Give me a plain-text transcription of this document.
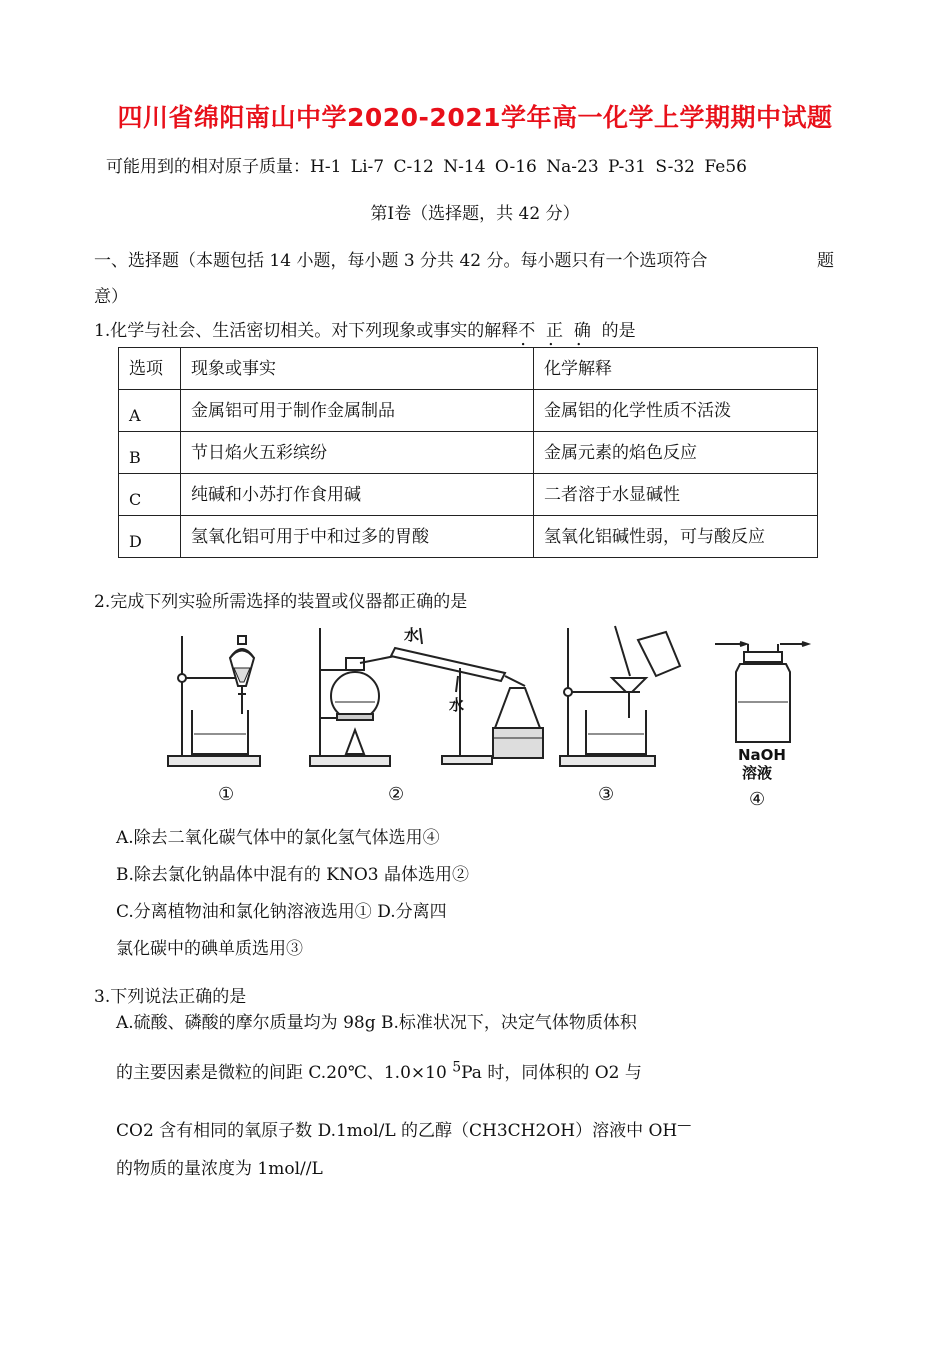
四川省绵阳南山中学2020-2021学年高一化学上学期期中试题
可能用到的相对原子质量：H-1 Li-7 C-12 N-14 O-16 Na-23 P-31 S-32 Fe56
第Ⅰ卷（选择题，共 42 分）
一、选择题（本题包括 14 小题，每小题 3 分共 42 分。每小题只有一个选项符合	题
意）
1.化学与社会、生活密切相关。对下列现象或事实的解释不 正 确 的是
选项	现象或事实	化学解释
A	金属铝可用于制作金属制品	金属铝的化学性质不活泼
B	节日焰火五彩缤纷	金属元素的焰色反应
C	纯碱和小苏打作食用碱	二者溶于水显碱性
D	氢氧化铝可用于中和过多的胃酸	氢氧化铝碱性弱，可与酸反应
2.完成下列实验所需选择的装置或仪器都正确的是
水
水
NaOH
溶液
①	②	③	④
A.除去二氧化碳气体中的氯化氢气体选用④
B.除去氯化钠晶体中混有的 KNO3 晶体选用②
C.分离植物油和氯化钠溶液选用① D.分离四
氯化碳中的碘单质选用③
3.下列说法正确的是
A.硫酸、磷酸的摩尔质量均为 98g B.标准状况下，决定气体物质体积
的主要因素是微粒的间距 C.20℃、1.0×10 $^5$Pa 时，同体积的 O2 与
CO2 含有相同的氧原子数 D.1mol/L 的乙醇（CH3CH2OH）溶液中 OH—
的物质的量浓度为 1mol//L
